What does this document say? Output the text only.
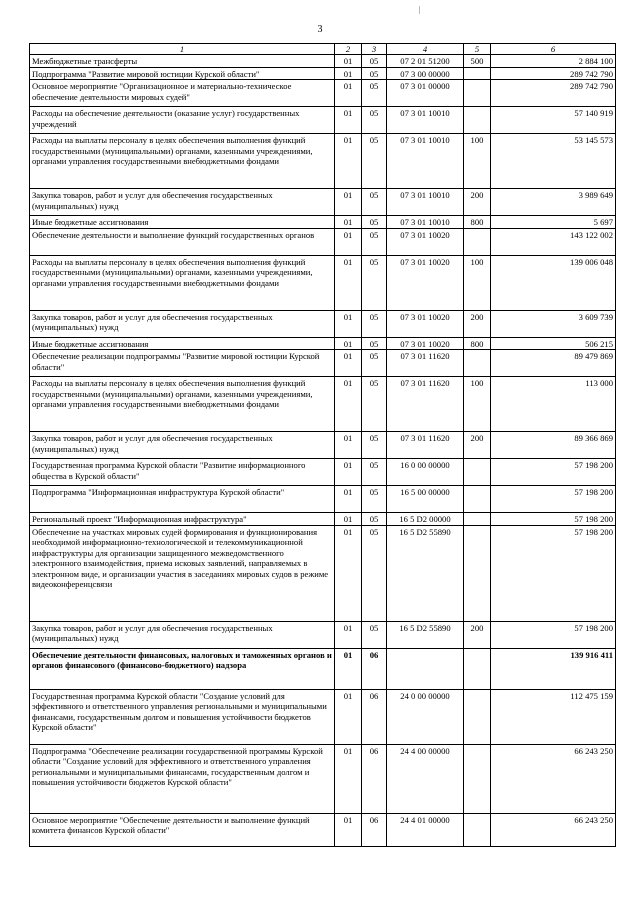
3
1	2	3	4	5	6
Межбюджетные трансферты	01	05	07 2 01 51200	500	2 884 100
Подпрограмма "Развитие мировой юстиции Курской области"	01	05	07 3 00 00000		289 742 790
Основное мероприятие "Организационное и материально-техническое обеспечение деятельности мировых судей"	01	05	07 3 01 00000		289 742 790
Расходы на обеспечение деятельности (оказание услуг) государственных учреждений	01	05	07 3 01 10010		57 140 919
Расходы на выплаты персоналу в целях обеспечения выполнения функций государственными (муниципальными) органами, казенными учреждениями, органами управления государственными внебюджетными фондами	01	05	07 3 01 10010	100	53 145 573
Закупка товаров, работ и услуг для обеспечения государственных (муниципальных) нужд	01	05	07 3 01 10010	200	3 989 649
Иные бюджетные ассигнования	01	05	07 3 01 10010	800	5 697
Обеспечение деятельности и выполнение функций государственных органов	01	05	07 3 01 10020		143 122 002
Расходы на выплаты персоналу в целях обеспечения выполнения функций государственными (муниципальными) органами, казенными учреждениями, органами управления государственными внебюджетными фондами	01	05	07 3 01 10020	100	139 006 048
Закупка товаров, работ и услуг для обеспечения государственных (муниципальных) нужд	01	05	07 3 01 10020	200	3 609 739
Иные бюджетные ассигнования	01	05	07 3 01 10020	800	506 215
Обеспечение реализации подпрограммы "Развитие мировой юстиции Курской области"	01	05	07 3 01 11620		89 479 869
Расходы на выплаты персоналу в целях обеспечения выполнения функций государственными (муниципальными) органами, казенными учреждениями, органами управления государственными внебюджетными фондами	01	05	07 3 01 11620	100	113 000
Закупка товаров, работ и услуг для обеспечения государственных (муниципальных) нужд	01	05	07 3 01 11620	200	89 366 869
Государственная программа Курской области "Развитие информационного общества в Курской области"	01	05	16 0 00 00000		57 198 200
Подпрограмма "Информационная инфраструктура Курской области"	01	05	16 5 00 00000		57 198 200
Региональный проект "Информационная инфраструктура"	01	05	16 5 D2 00000		57 198 200
Обеспечение на участках мировых судей формирования и функционирования необходимой информационно-технологической и телекоммуникационной инфраструктуры для организации защищенного межведомственного электронного взаимодействия, приема исковых заявлений, направляемых в электронном виде, и организации участия в заседаниях мировых судов в режиме видеоконференцсвязи	01	05	16 5 D2 55890		57 198 200
Закупка товаров, работ и услуг для обеспечения государственных (муниципальных) нужд	01	05	16 5 D2 55890	200	57 198 200
Обеспечение деятельности финансовых, налоговых и таможенных органов и органов финансового (финансово-бюджетного) надзора	01	06			139 916 411
Государственная программа Курской области "Создание условий для эффективного и ответственного управления региональными и муниципальными финансами, государственным долгом и повышения устойчивости бюджетов Курской области"	01	06	24 0 00 00000		112 475 159
Подпрограмма "Обеспечение реализации государственной программы Курской области "Создание условий для эффективного и ответственного управления региональными и муниципальными финансами, государственным долгом и повышения устойчивости бюджетов Курской области"	01	06	24 4 00 00000		66 243 250
Основное мероприятие "Обеспечение деятельности и выполнение функций комитета финансов Курской области"	01	06	24 4 01 00000		66 243 250
